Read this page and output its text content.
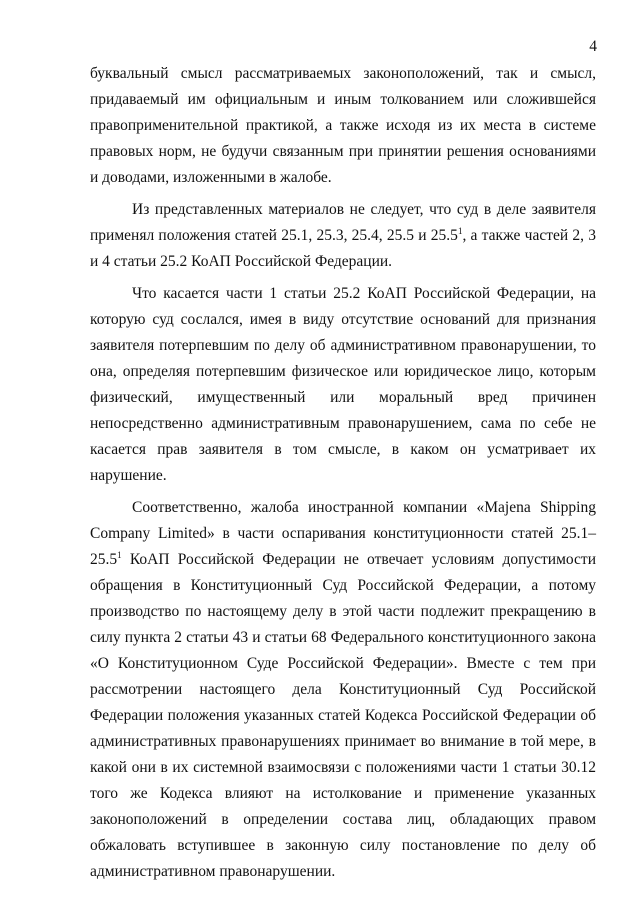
4

буквальный смысл рассматриваемых законоположений, так и смысл, придаваемый им официальным и иным толкованием или сложившейся правоприменительной практикой, а также исходя из их места в системе правовых норм, не будучи связанным при принятии решения основаниями и доводами, изложенными в жалобе.

Из представленных материалов не следует, что суд в деле заявителя применял положения статей 25.1, 25.3, 25.4, 25.5 и 25.5$^1$, а также частей 2, 3 и 4 статьи 25.2 КоАП Российской Федерации.

Что касается части 1 статьи 25.2 КоАП Российской Федерации, на которую суд сослался, имея в виду отсутствие оснований для признания заявителя потерпевшим по делу об административном правонарушении, то она, определяя потерпевшим физическое или юридическое лицо, которым физический, имущественный или моральный вред причинен непосредственно административным правонарушением, сама по себе не касается прав заявителя в том смысле, в каком он усматривает их нарушение.

Соответственно, жалоба иностранной компании «Majena Shipping Company Limited» в части оспаривания конституционности статей 25.1–25.5$^1$ КоАП Российской Федерации не отвечает условиям допустимости обращения в Конституционный Суд Российской Федерации, а потому производство по настоящему делу в этой части подлежит прекращению в силу пункта 2 статьи 43 и статьи 68 Федерального конституционного закона «О Конституционном Суде Российской Федерации». Вместе с тем при рассмотрении настоящего дела Конституционный Суд Российской Федерации положения указанных статей Кодекса Российской Федерации об административных правонарушениях принимает во внимание в той мере, в какой они в их системной взаимосвязи с положениями части 1 статьи 30.12 того же Кодекса влияют на истолкование и применение указанных законоположений в определении состава лиц, обладающих правом обжаловать вступившее в законную силу постановление по делу об административном правонарушении.
